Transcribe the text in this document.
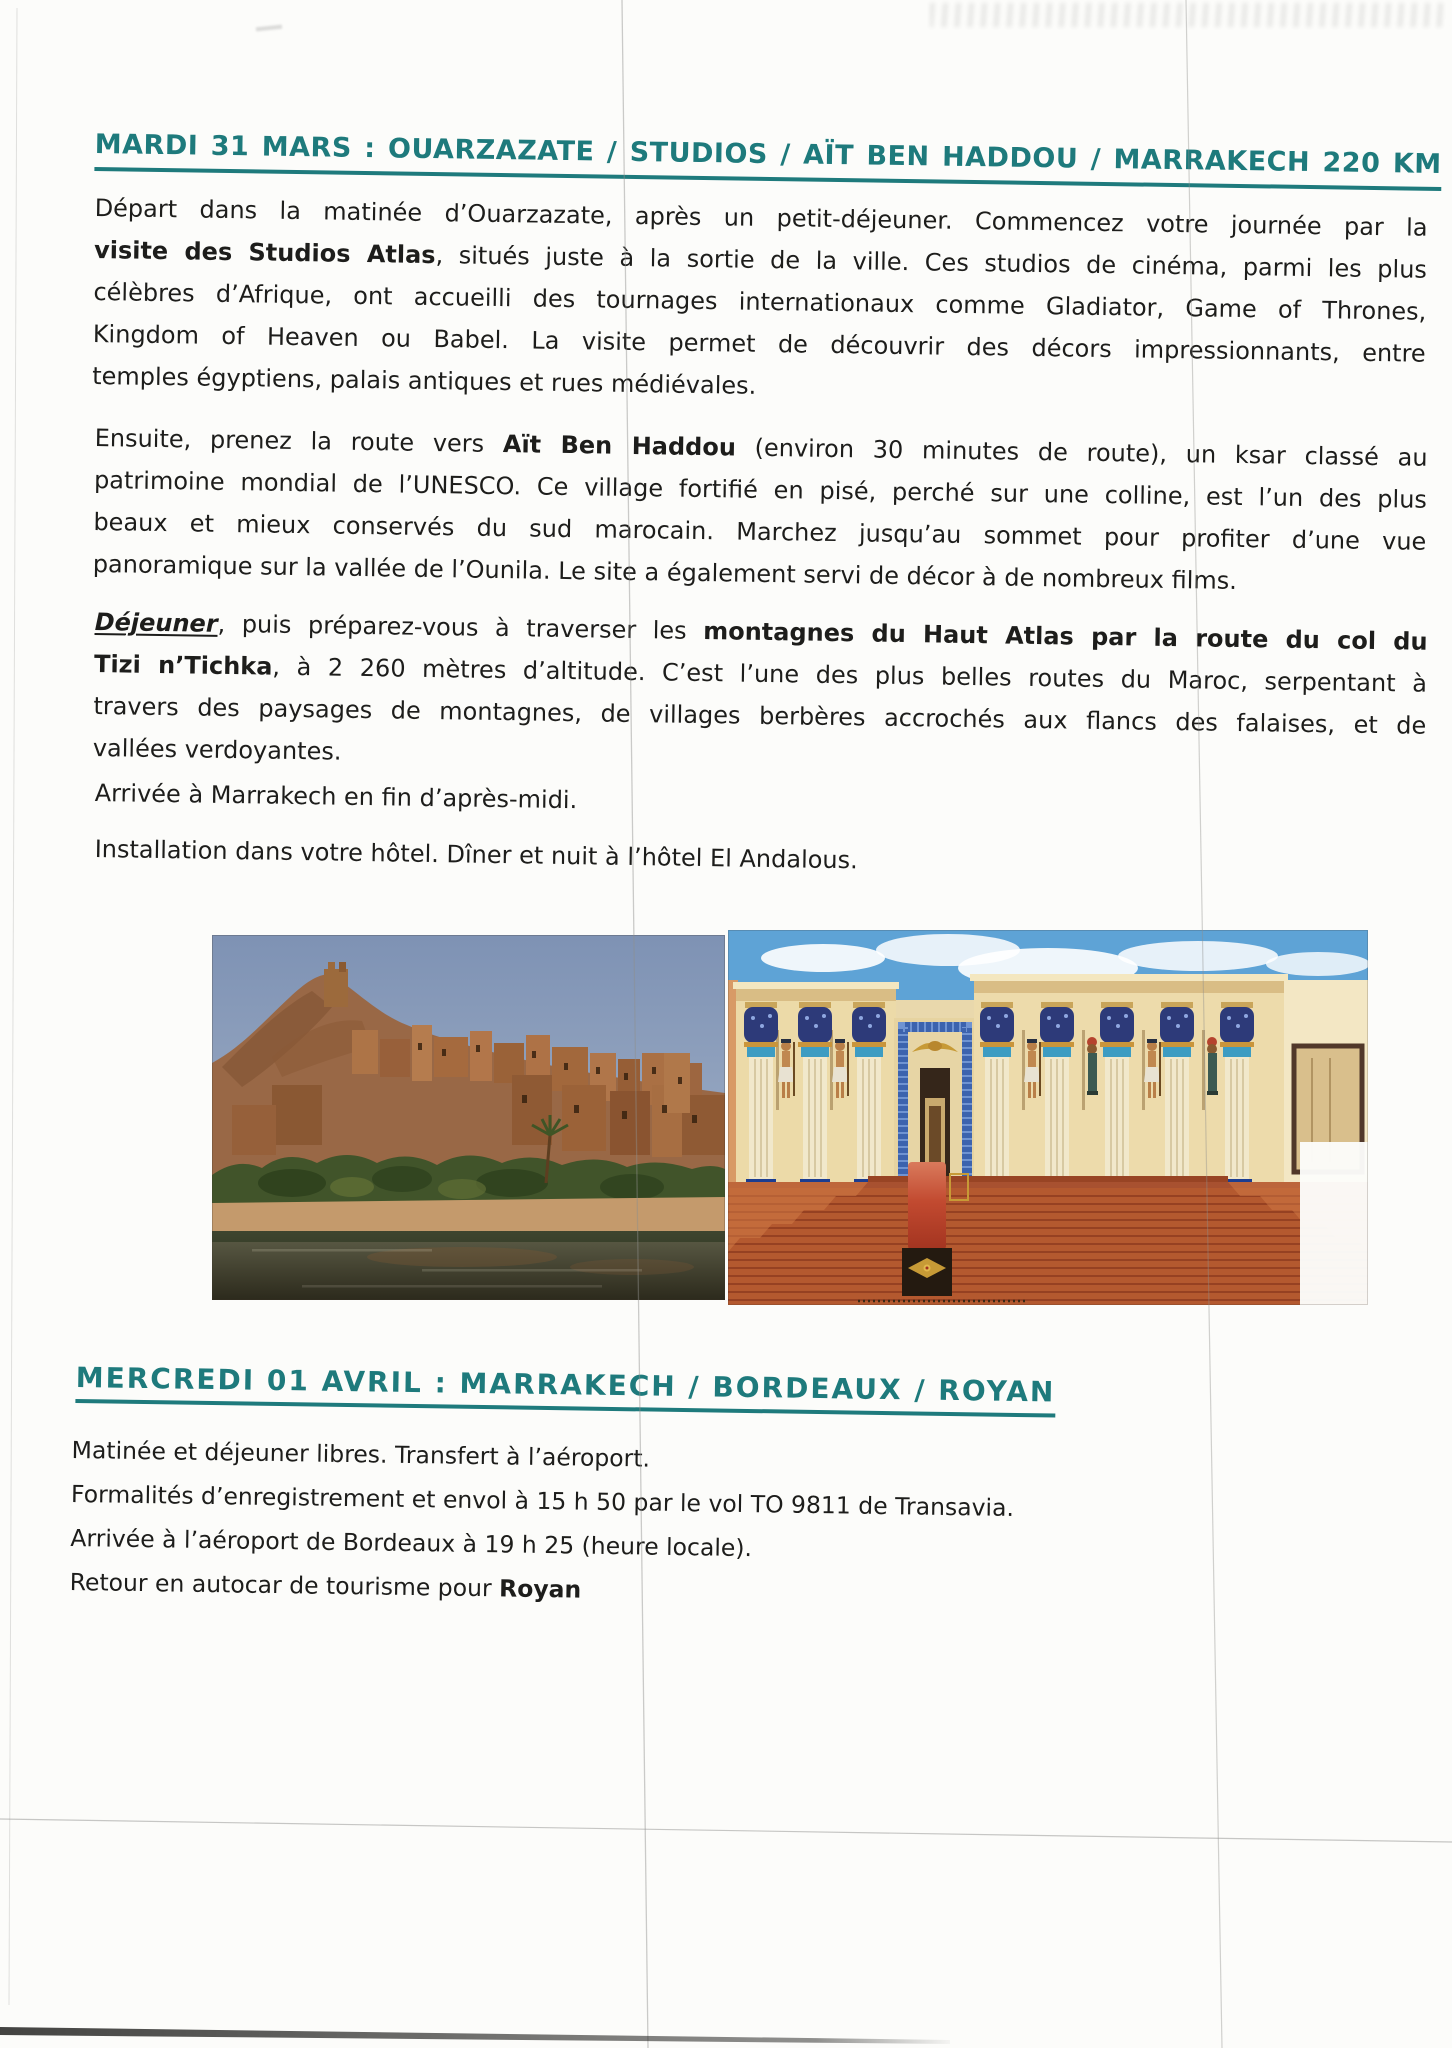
MARDI 31 MARS : OUARZAZATE / STUDIOS / AÏT BEN HADDOU / MARRAKECH 220 KM
Départ dans la matinée d’Ouarzazate, après un petit-déjeuner. Commencez votre journée par la
visite des Studios Atlas, situés juste à la sortie de la ville. Ces studios de cinéma, parmi les plus
célèbres d’Afrique, ont accueilli des tournages internationaux comme Gladiator, Game of Thrones,
Kingdom of Heaven ou Babel. La visite permet de découvrir des décors impressionnants, entre
temples égyptiens, palais antiques et rues médiévales.
Ensuite, prenez la route vers Aït Ben Haddou (environ 30 minutes de route), un ksar classé au
patrimoine mondial de l’UNESCO. Ce village fortifié en pisé, perché sur une colline, est l’un des plus
beaux et mieux conservés du sud marocain. Marchez jusqu’au sommet pour profiter d’une vue
panoramique sur la vallée de l’Ounila. Le site a également servi de décor à de nombreux films.
Déjeuner, puis préparez-vous à traverser les montagnes du Haut Atlas par la route du col du
Tizi n’Tichka, à 2 260 mètres d’altitude. C’est l’une des plus belles routes du Maroc, serpentant à
travers des paysages de montagnes, de villages berbères accrochés aux flancs des falaises, et de
vallées verdoyantes.
Arrivée à Marrakech en fin d’après-midi.
Installation dans votre hôtel. Dîner et nuit à l’hôtel El Andalous.
MERCREDI 01 AVRIL : MARRAKECH / BORDEAUX / ROYAN
Matinée et déjeuner libres. Transfert à l’aéroport.
Formalités d’enregistrement et envol à 15 h 50 par le vol TO 9811 de Transavia.
Arrivée à l’aéroport de Bordeaux à 19 h 25 (heure locale).
Retour en autocar de tourisme pour Royan
